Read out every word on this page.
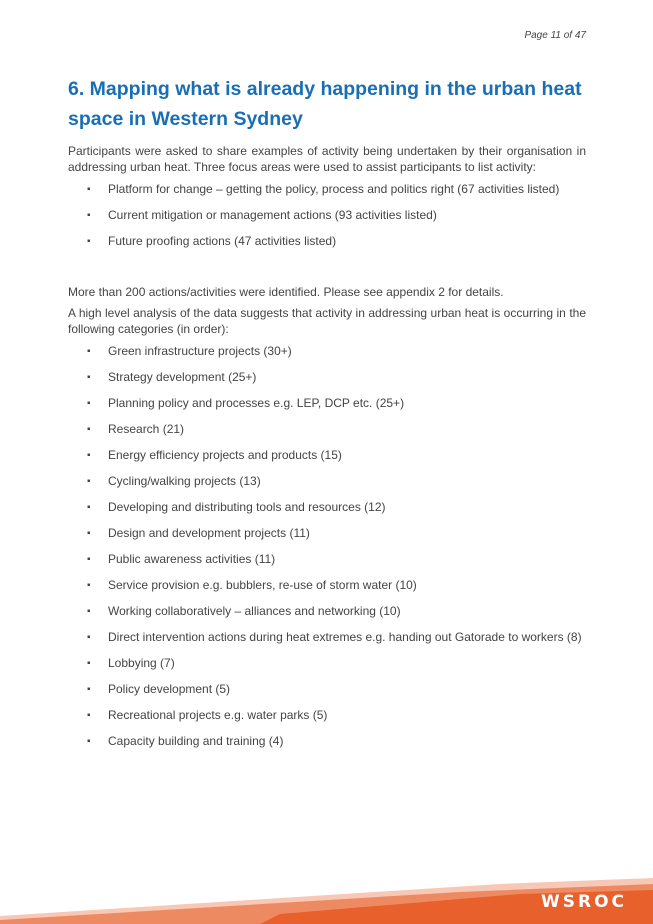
Page 11 of 47
6. Mapping what is already happening in the urban heat space in Western Sydney

Participants were asked to share examples of activity being undertaken by their organisation in addressing urban heat. Three focus areas were used to assist participants to list activity:

▪ Platform for change – getting the policy, process and politics right (67 activities listed)
▪ Current mitigation or management actions (93 activities listed)
▪ Future proofing actions (47 activities listed)

More than 200 actions/activities were identified. Please see appendix 2 for details.

A high level analysis of the data suggests that activity in addressing urban heat is occurring in the following categories (in order):

▪ Green infrastructure projects (30+)
▪ Strategy development (25+)
▪ Planning policy and processes e.g. LEP, DCP etc. (25+)
▪ Research (21)
▪ Energy efficiency projects and products (15)
▪ Cycling/walking projects (13)
▪ Developing and distributing tools and resources (12)
▪ Design and development projects (11)
▪ Public awareness activities (11)
▪ Service provision e.g. bubblers, re-use of storm water (10)
▪ Working collaboratively – alliances and networking (10)
▪ Direct intervention actions during heat extremes e.g. handing out Gatorade to workers (8)
▪ Lobbying (7)
▪ Policy development (5)
▪ Recreational projects e.g. water parks (5)
▪ Capacity building and training (4)
WSROC
